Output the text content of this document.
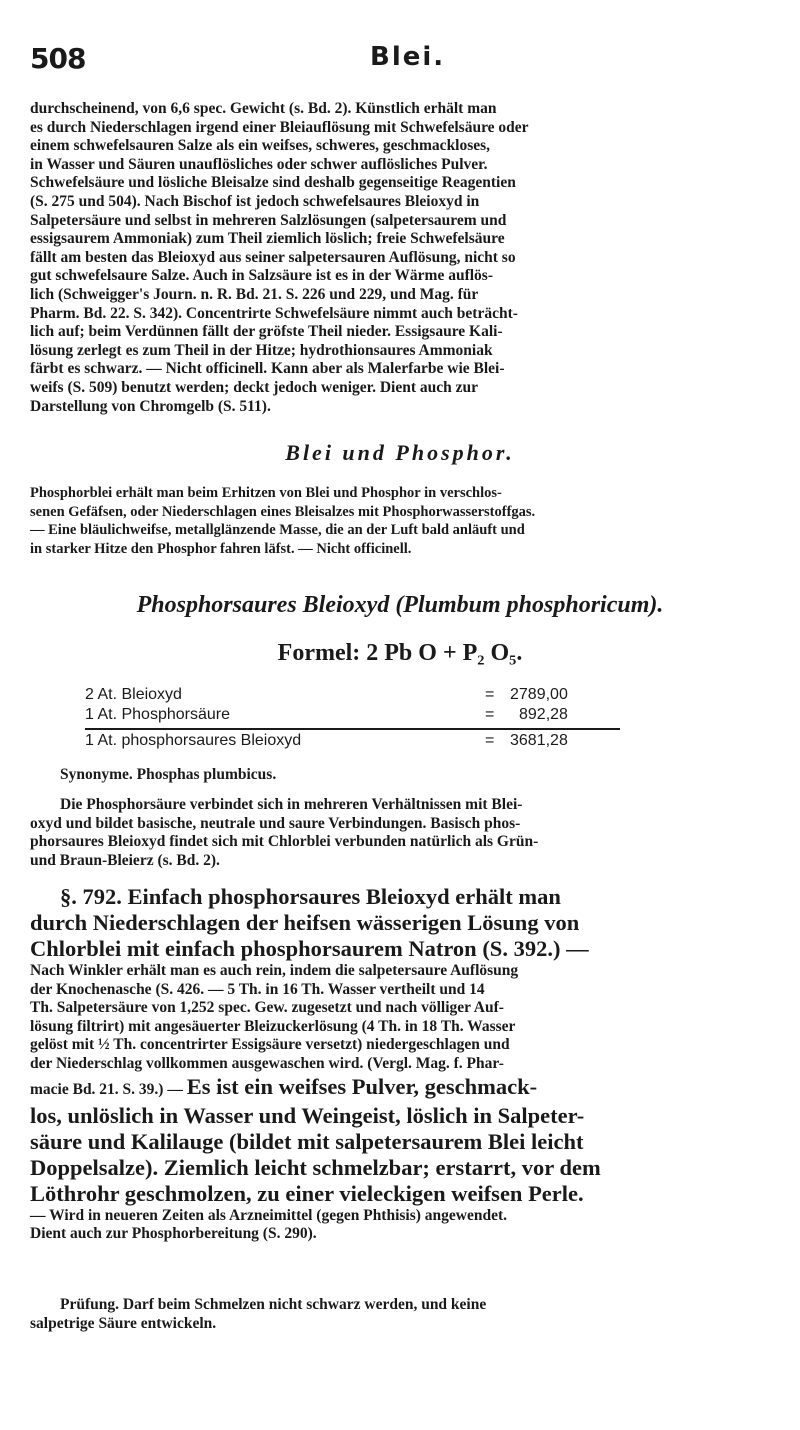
508	Blei.

durchscheinend, von 6,6 spec. Gewicht (s. Bd. 2). Künstlich erhält man

es durch Niederschlagen irgend einer Bleiauflösung mit Schwefelsäure oder

einem schwefelsauren Salze als ein weifses, schweres, geschmackloses,

in Wasser und Säuren unauflösliches oder schwer auflösliches Pulver.

Schwefelsäure und lösliche Bleisalze sind deshalb gegenseitige Reagentien

(S. 275 und 504). Nach Bischof ist jedoch schwefelsaures Bleioxyd in

Salpetersäure und selbst in mehreren Salzlösungen (salpetersaurem und

essigsaurem Ammoniak) zum Theil ziemlich löslich; freie Schwefelsäure

fällt am besten das Bleioxyd aus seiner salpetersauren Auflösung, nicht so

gut schwefelsaure Salze. Auch in Salzsäure ist es in der Wärme auflös-

lich (Schweigger's Journ. n. R. Bd. 21. S. 226 und 229, und Mag. für

Pharm. Bd. 22. S. 342). Concentrirte Schwefelsäure nimmt auch beträcht-

lich auf; beim Verdünnen fällt der gröfste Theil nieder. Essigsaure Kali-

lösung zerlegt es zum Theil in der Hitze; hydrothionsaures Ammoniak

färbt es schwarz. — Nicht officinell. Kann aber als Malerfarbe wie Blei-

weifs (S. 509) benutzt werden; deckt jedoch weniger. Dient auch zur

Darstellung von Chromgelb (S. 511).

Blei und Phosphor.

Phosphorblei erhält man beim Erhitzen von Blei und Phosphor in verschlos-

senen Gefäfsen, oder Niederschlagen eines Bleisalzes mit Phosphorwasserstoffgas.

— Eine bläulichweifse, metallglänzende Masse, die an der Luft bald anläuft und

in starker Hitze den Phosphor fahren läfst. — Nicht officinell.

Phosphorsaures Bleioxyd (Plumbum phosphoricum).
Formel: 2 Pb O + P₂ O₅.
2 At. Bleioxyd	= 2789,00
1 At. Phosphorsäure	= 892,28
1 At. phosphorsaures Bleioxyd	= 3681,28

Synonyme. Phosphas plumbicus.

Die Phosphorsäure verbindet sich in mehreren Verhältnissen mit Blei-

oxyd und bildet basische, neutrale und saure Verbindungen. Basisch phos-

phorsaures Bleioxyd findet sich mit Chlorblei verbunden natürlich als Grün-

und Braun-Bleierz (s. Bd. 2).

§. 792. Einfach phosphorsaures Bleioxyd erhält man

durch Niederschlagen der heifsen wässerigen Lösung von

Chlorblei mit einfach phosphorsaurem Natron (S. 392.) —

Nach Winkler erhält man es auch rein, indem die salpetersaure Auflösung

der Knochenasche (S. 426. — 5 Th. in 16 Th. Wasser vertheilt und 14

Th. Salpetersäure von 1,252 spec. Gew. zugesetzt und nach völliger Auf-

lösung filtrirt) mit angesäuerter Bleizuckerlösung (4 Th. in 18 Th. Wasser

gelöst mit ½ Th. concentrirter Essigsäure versetzt) niedergeschlagen und

der Niederschlag vollkommen ausgewaschen wird. (Vergl. Mag. f. Phar-

macie Bd. 21. S. 39.) — Es ist ein weifses Pulver, geschmack-

los, unlöslich in Wasser und Weingeist, löslich in Salpeter-

säure und Kalilauge (bildet mit salpetersaurem Blei leicht

Doppelsalze). Ziemlich leicht schmelzbar; erstarrt, vor dem

Löthrohr geschmolzen, zu einer vieleckigen weifsen Perle.

— Wird in neueren Zeiten als Arzneimittel (gegen Phthisis) angewendet.

Dient auch zur Phosphorbereitung (S. 290).

Prüfung. Darf beim Schmelzen nicht schwarz werden, und keine

salpetrige Säure entwickeln.
